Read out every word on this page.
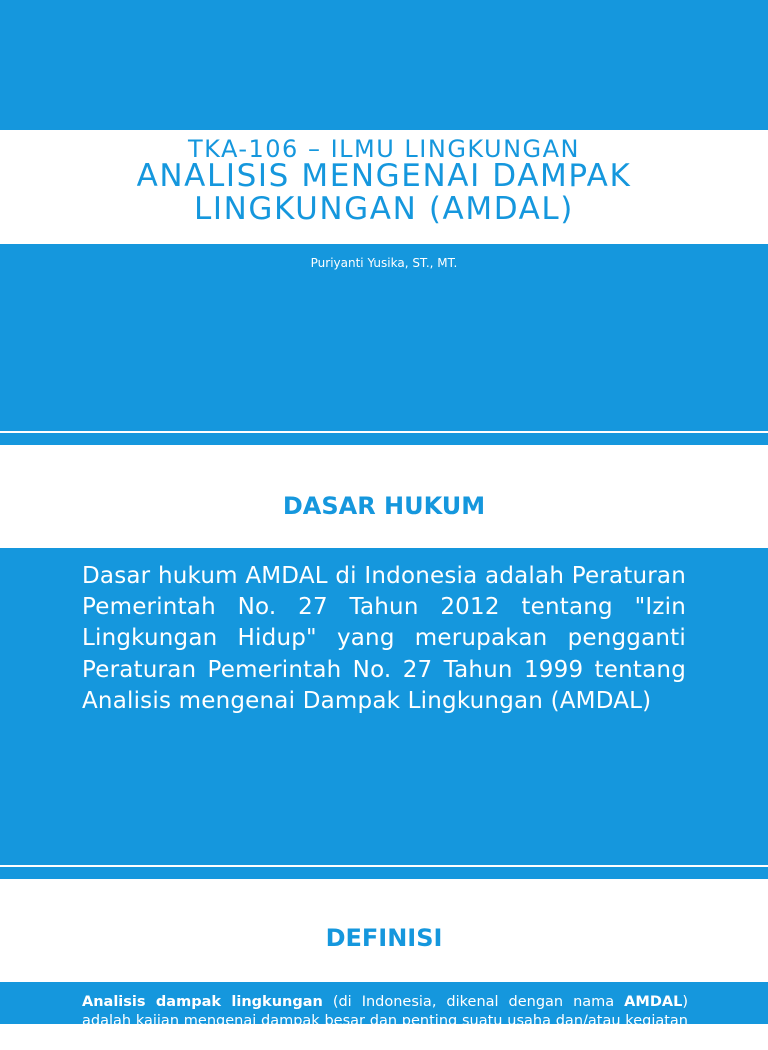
TKA-106 – ILMU LINGKUNGAN
ANALISIS MENGENAI DAMPAK
LINGKUNGAN (AMDAL)
Puriyanti Yusika, ST., MT.
DASAR HUKUM
Dasar hukum AMDAL di Indonesia adalah Peraturan Pemerintah No. 27 Tahun 2012 tentang "Izin Lingkungan Hidup" yang merupakan pengganti Peraturan Pemerintah No. 27 Tahun 1999 tentang Analisis mengenai Dampak Lingkungan (AMDAL)
DEFINISI
Analisis dampak lingkungan (di Indonesia, dikenal dengan nama AMDAL) adalah kajian mengenai dampak besar dan penting suatu usaha dan/atau kegiatan yang
